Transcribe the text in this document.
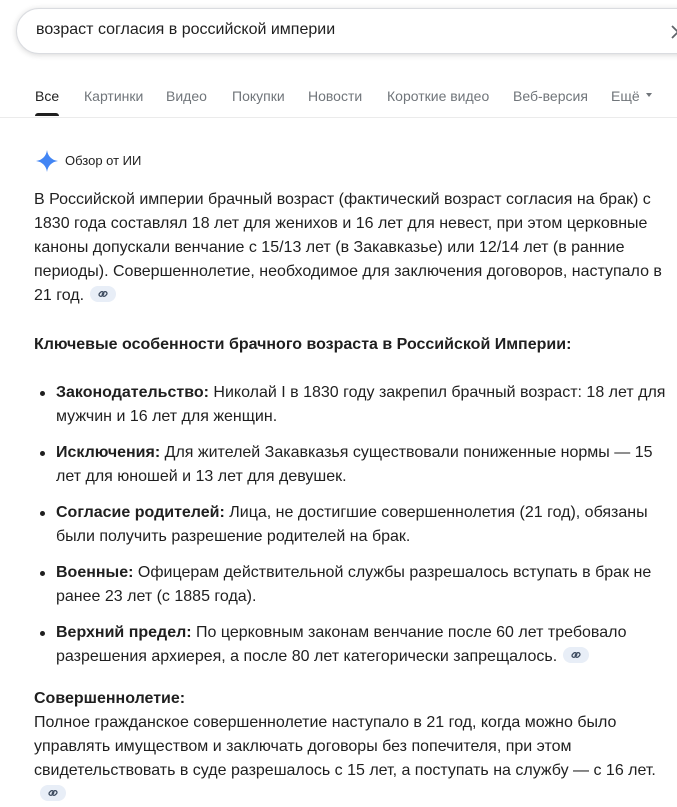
возраст согласия в российской империи
Все Картинки Видео Покупки Новости Короткие видео Веб-версия Ещё
Обзор от ИИ

В Российской империи брачный возраст (фактический возраст согласия на брак) с 1830 года составлял 18 лет для женихов и 16 лет для невест, при этом церковные каноны допускали венчание с 15/13 лет (в Закавказье) или 12/14 лет (в ранние периоды). Совершеннолетие, необходимое для заключения договоров, наступало в 21 год.

Ключевые особенности брачного возраста в Российской Империи:

Законодательство: Николай I в 1830 году закрепил брачный возраст: 18 лет для мужчин и 16 лет для женщин.
Исключения: Для жителей Закавказья существовали пониженные нормы — 15 лет для юношей и 13 лет для девушек.
Согласие родителей: Лица, не достигшие совершеннолетия (21 год), обязаны были получить разрешение родителей на брак.
Военные: Офицерам действительной службы разрешалось вступать в брак не ранее 23 лет (с 1885 года).
Верхний предел: По церковным законам венчание после 60 лет требовало разрешения архиерея, а после 80 лет категорически запрещалось.

Совершеннолетие:

Полное гражданское совершеннолетие наступало в 21 год, когда можно было управлять имуществом и заключать договоры без попечителя, при этом свидетельствовать в суде разрешалось с 15 лет, а поступать на службу — с 16 лет.
